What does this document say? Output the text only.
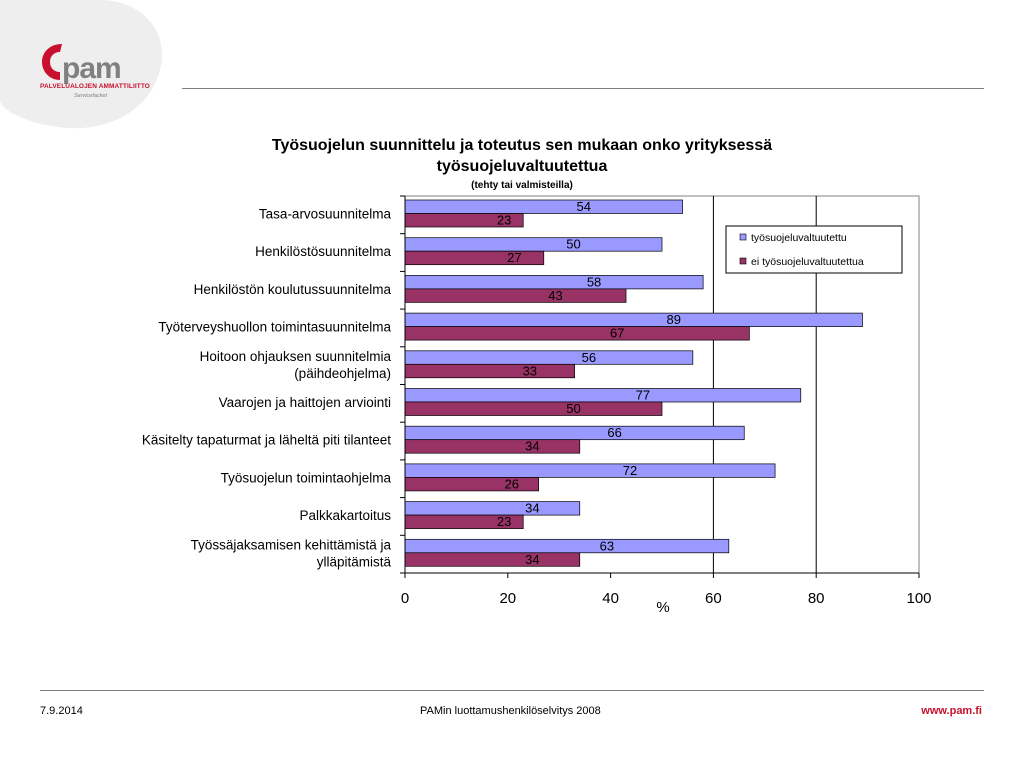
pam
PALVELUALOJEN AMMATTILIITTO
Servicefacket
Työsuojelun suunnittelu ja toteutus sen mukaan onko yrityksessä
työsuojeluvaltuutettua
(tehty tai valmisteilla)
54
23
50
27
58
43
89
67
56
33
77
50
66
34
72
26
34
23
63
34
Tasa-arvosuunnitelma
Henkilöstösuunnitelma
Henkilöstön koulutussuunnitelma
Työterveyshuollon toimintasuunnitelma
Hoitoon ohjauksen suunnitelmia
(päihdeohjelma)
Vaarojen ja haittojen arviointi
Käsitelty tapaturmat ja läheltä piti tilanteet
Työsuojelun toimintaohjelma
Palkkakartoitus
Työssäjaksamisen kehittämistä ja
ylläpitämistä
0	20	40	60	80	100
%
työsuojeluvaltuutettu
ei työsuojeluvaltuutettua
7.9.2014	PAMin luottamushenkilöselvitys 2008	www.pam.fi
